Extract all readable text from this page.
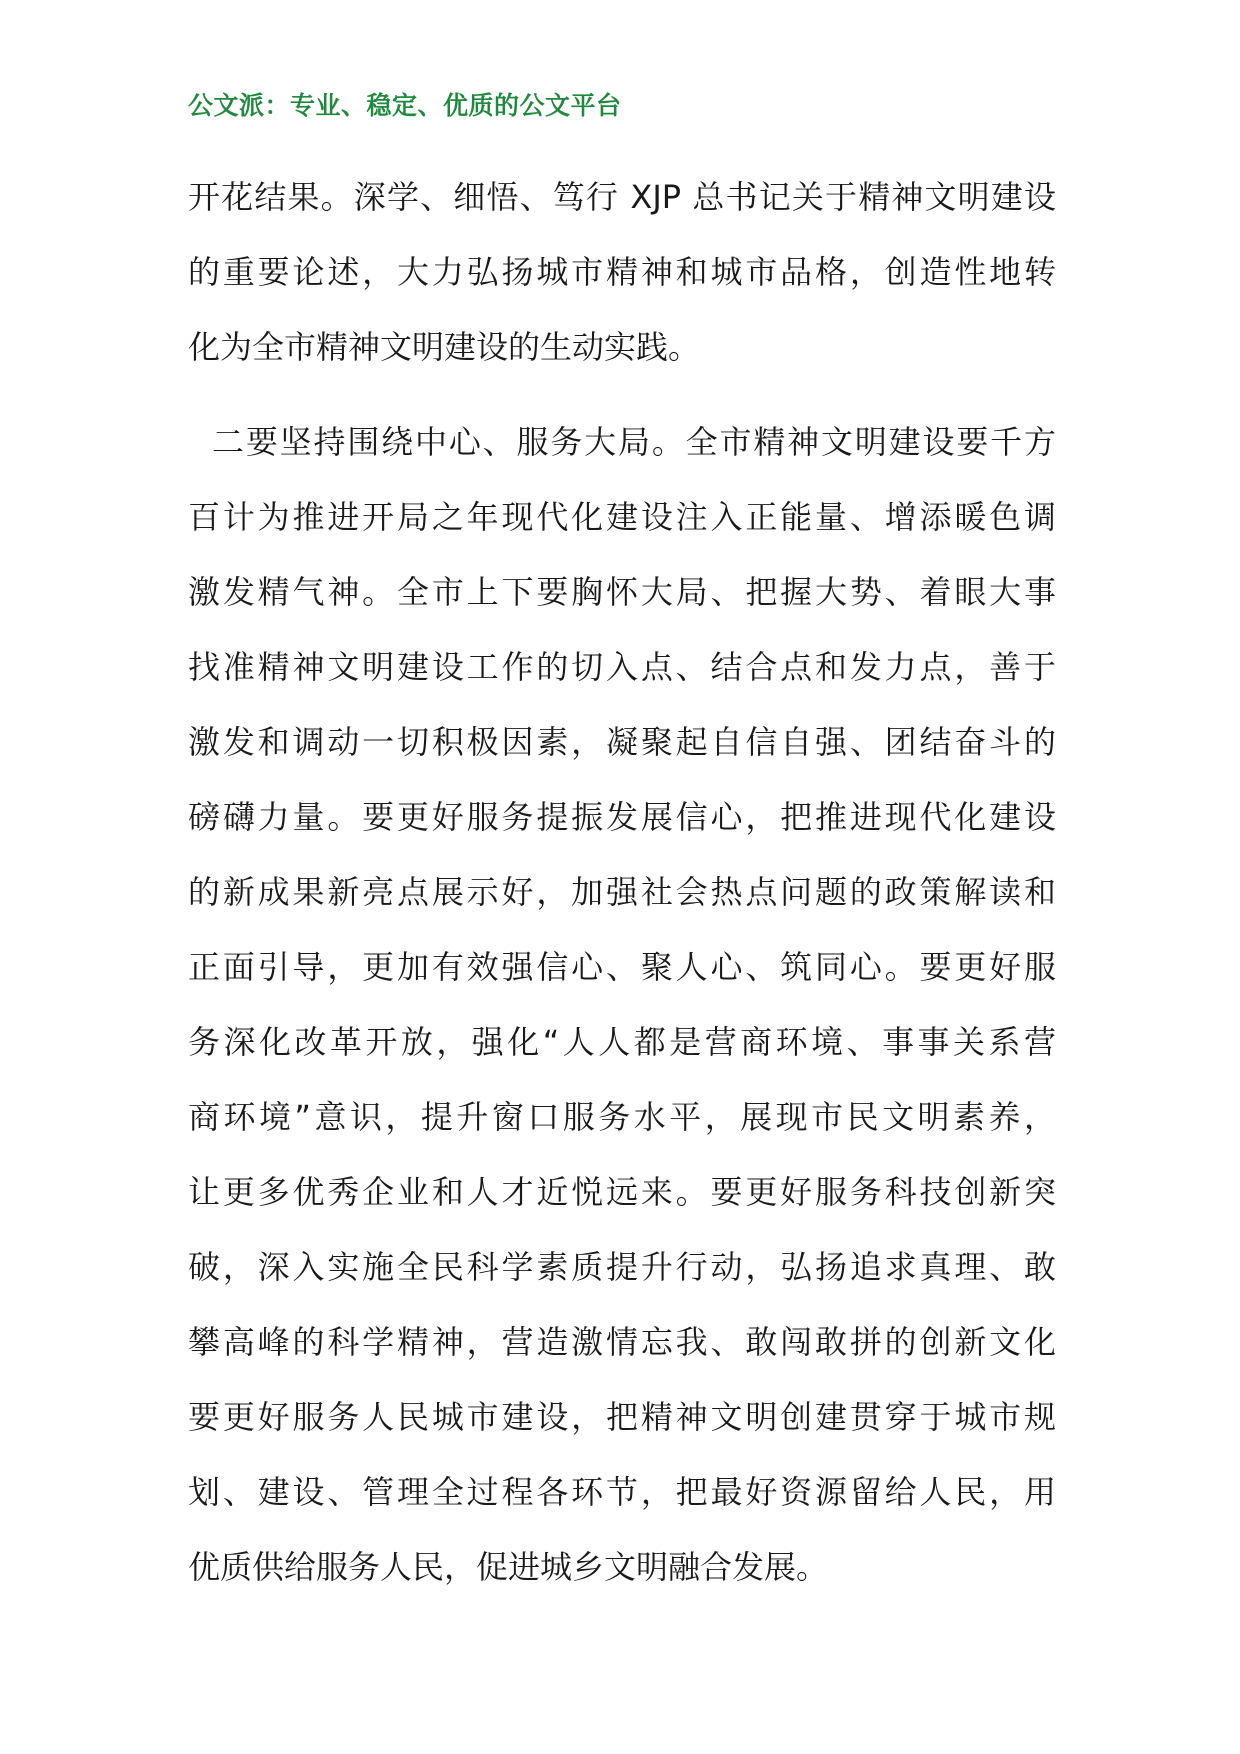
公文派：专业、稳定、优质的公文平台
开花结果。深学、细悟、笃行 XJP 总书记关于精神文明建设
的重要论述，大力弘扬城市精神和城市品格，创造性地转
化为全市精神文明建设的生动实践。
二要坚持围绕中心、服务大局。全市精神文明建设要千方
百计为推进开局之年现代化建设注入正能量、增添暖色调
激发精气神。全市上下要胸怀大局、把握大势、着眼大事
找准精神文明建设工作的切入点、结合点和发力点，善于
激发和调动一切积极因素，凝聚起自信自强、团结奋斗的
磅礴力量。要更好服务提振发展信心，把推进现代化建设
的新成果新亮点展示好，加强社会热点问题的政策解读和
正面引导，更加有效强信心、聚人心、筑同心。要更好服
务深化改革开放，强化“人人都是营商环境、事事关系营
商环境”意识，提升窗口服务水平，展现市民文明素养，
让更多优秀企业和人才近悦远来。要更好服务科技创新突
破，深入实施全民科学素质提升行动，弘扬追求真理、敢
攀高峰的科学精神，营造激情忘我、敢闯敢拼的创新文化
要更好服务人民城市建设，把精神文明创建贯穿于城市规
划、建设、管理全过程各环节，把最好资源留给人民，用
优质供给服务人民，促进城乡文明融合发展。
